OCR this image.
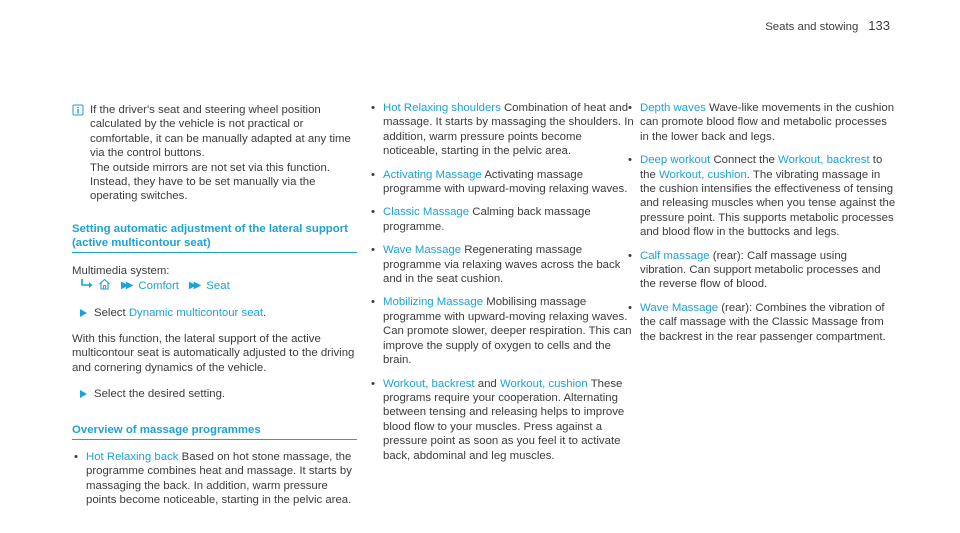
Seats and stowing 133

If the driver's seat and steering wheel position calculated by the vehicle is not practical or comfortable, it can be manually adapted at any time via the control buttons.

The outside mirrors are not set via this function. Instead, they have to be set manually via the operating switches.

Setting automatic adjustment of the lateral support (active multicontour seat)

Multimedia system:

▶▶ Comfort ▶▶ Seat
Select Dynamic multicontour seat.

With this function, the lateral support of the active multicontour seat is automatically adjusted to the driving and cornering dynamics of the vehicle.

Select the desired setting.
Overview of massage programmes
• Hot Relaxing back Based on hot stone massage, the programme combines heat and massage. It starts by massaging the back. In addition, warm pressure points become noticeable, starting in the pelvic area.
• Hot Relaxing shoulders Combination of heat and massage. It starts by massaging the shoulders. In addition, warm pressure points become noticeable, starting in the pelvic area.
• Activating Massage Activating massage programme with upward-moving relaxing waves.
• Classic Massage Calming back massage programme.
• Wave Massage Regenerating massage programme via relaxing waves across the back and in the seat cushion.
• Mobilizing Massage Mobilising massage programme with upward-moving relaxing waves. Can promote slower, deeper respiration. This can improve the supply of oxygen to cells and the brain.
• Workout, backrest and Workout, cushion These programs require your cooperation. Alternating between tensing and releasing helps to improve blood flow to your muscles. Press against a pressure point as soon as you feel it to activate back, abdominal and leg muscles.
• Depth waves Wave-like movements in the cushion can promote blood flow and metabolic processes in the lower back and legs.
• Deep workout Connect the Workout, backrest to the Workout, cushion. The vibrating massage in the cushion intensifies the effectiveness of tensing and releasing muscles when you tense against the pressure point. This supports metabolic processes and blood flow in the buttocks and legs.
• Calf massage (rear): Calf massage using vibration. Can support metabolic processes and the reverse flow of blood.
• Wave Massage (rear): Combines the vibration of the calf massage with the Classic Massage from the backrest in the rear passenger compartment.
